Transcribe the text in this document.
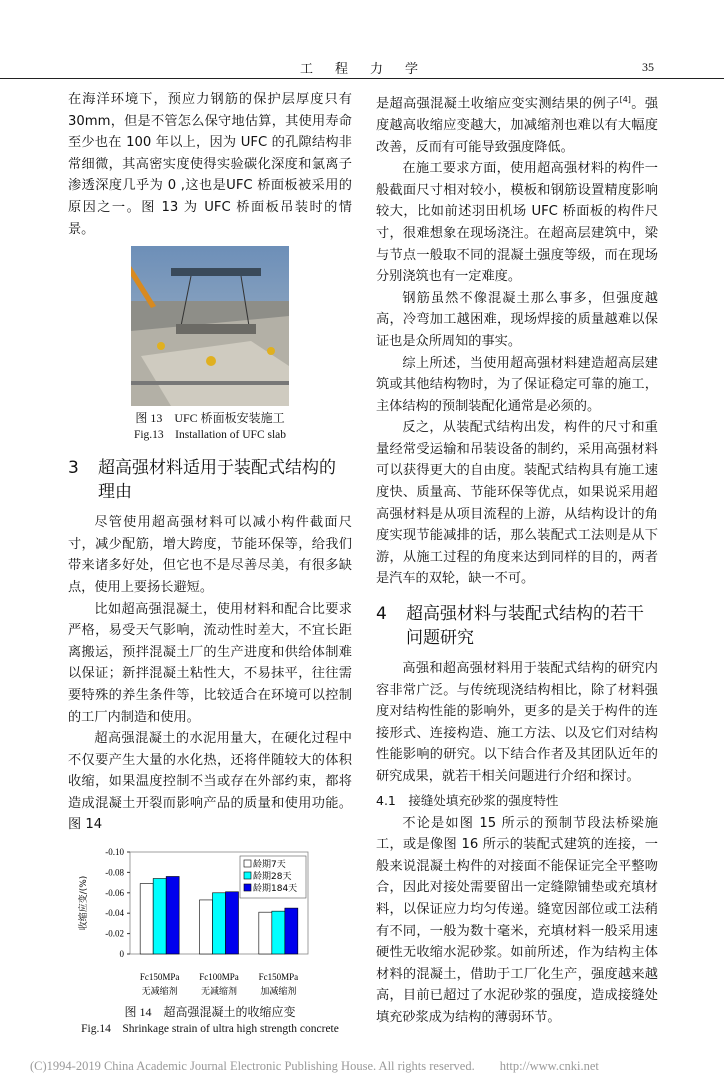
工程力学	35

在海洋环境下，预应力钢筋的保护层厚度只有30mm，但是不管怎么保守地估算，其使用寿命至少也在 100 年以上，因为 UFC 的孔隙结构非常细微，其高密实度使得实验碳化深度和氯离子渗透深度几乎为 0 ,这也是UFC 桥面板被采用的原因之一。图 13 为 UFC 桥面板吊装时的情景。

图 13　UFC 桥面板安装施工
Fig.13　Installation of UFC slab
3 超高强材料适用于装配式结构的
理由

尽管使用超高强材料可以减小构件截面尺寸，减少配筋，增大跨度，节能环保等，给我们带来诸多好处，但它也不是尽善尽美，有很多缺点，使用上要扬长避短。

比如超高强混凝土，使用材料和配合比要求严格，易受天气影响，流动性时差大，不宜长距离搬运，预拌混凝土厂的生产进度和供给体制难以保证；新拌混凝土粘性大，不易抹平，往往需要特殊的养生条件等，比较适合在环境可以控制的工厂内制造和使用。

超高强混凝土的水泥用量大，在硬化过程中不仅要产生大量的水化热，还将伴随较大的体积收缩，如果温度控制不当或存在外部约束，都将造成混凝土开裂而影响产品的质量和使用功能。图 14

0
-0.02
-0.04
-0.06
-0.08
-0.10
收缩应变/(%)
Fc150MPa
无减缩剂
Fc100MPa
无减缩剂
Fc150MPa
加减缩剂
龄期7天
龄期28天
龄期184天
图 14　超高强混凝土的收缩应变
Fig.14　Shrinkage strain of ultra high strength concrete

是超高强混凝土收缩应变实测结果的例子[4]。强度越高收缩应变越大，加减缩剂也难以有大幅度改善，反而有可能导致强度降低。

在施工要求方面，使用超高强材料的构件一般截面尺寸相对较小，模板和钢筋设置精度影响较大，比如前述羽田机场 UFC 桥面板的构件尺寸，很难想象在现场浇注。在超高层建筑中，梁与节点一般取不同的混凝土强度等级，而在现场分别浇筑也有一定难度。

钢筋虽然不像混凝土那么事多，但强度越高，冷弯加工越困难，现场焊接的质量越难以保证也是众所周知的事实。

综上所述，当使用超高强材料建造超高层建筑或其他结构物时，为了保证稳定可靠的施工，主体结构的预制装配化通常是必须的。

反之，从装配式结构出发，构件的尺寸和重量经常受运输和吊装设备的制约，采用高强材料可以获得更大的自由度。装配式结构具有施工速度快、质量高、节能环保等优点，如果说采用超高强材料是从项目流程的上游，从结构设计的角度实现节能减排的话，那么装配式工法则是从下游，从施工过程的角度来达到同样的目的，两者是汽车的双轮，缺一不可。

4 超高强材料与装配式结构的若干
问题研究

高强和超高强材料用于装配式结构的研究内容非常广泛。与传统现浇结构相比，除了材料强度对结构性能的影响外，更多的是关于构件的连接形式、连接构造、施工方法、以及它们对结构性能影响的研究。以下结合作者及其团队近年的研究成果，就若干相关问题进行介绍和探讨。

4.1　接缝处填充砂浆的强度特性

不论是如图 15 所示的预制节段法桥梁施工，或是像图 16 所示的装配式建筑的连接，一般来说混凝土构件的对接面不能保证完全平整吻合，因此对接处需要留出一定缝隙铺垫或充填材料，以保证应力均匀传递。缝宽因部位或工法稍有不同，一般为数十毫米，充填材料一般采用速硬性无收缩水泥砂浆。如前所述，作为结构主体材料的混凝土，借助于工厂化生产，强度越来越高，目前已超过了水泥砂浆的强度，造成接缝处填充砂浆成为结构的薄弱环节。

(C)1994-2019 China Academic Journal Electronic Publishing House. All rights reserved.　　http://www.cnki.net
